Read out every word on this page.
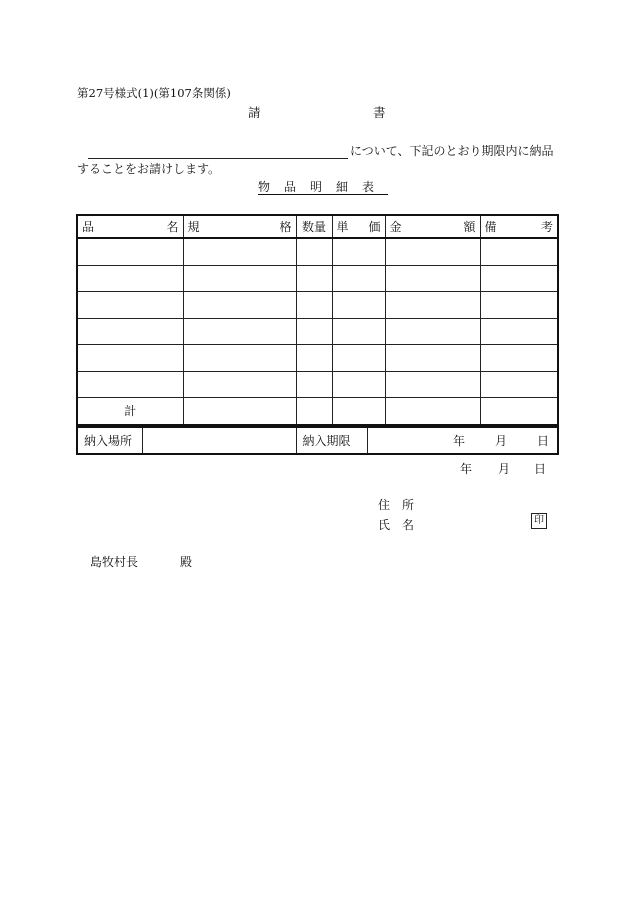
第27号様式(1)(第107条関係)
請	書
について、下記のとおり期限内に納品
することをお請けします。
物品明細表
品 名	規 格	数量	単 価	金 額	備 考

計					
納入場所		納入期限	年	月	日
年 月 日
住　所
氏　名	印
島牧村長	殿
